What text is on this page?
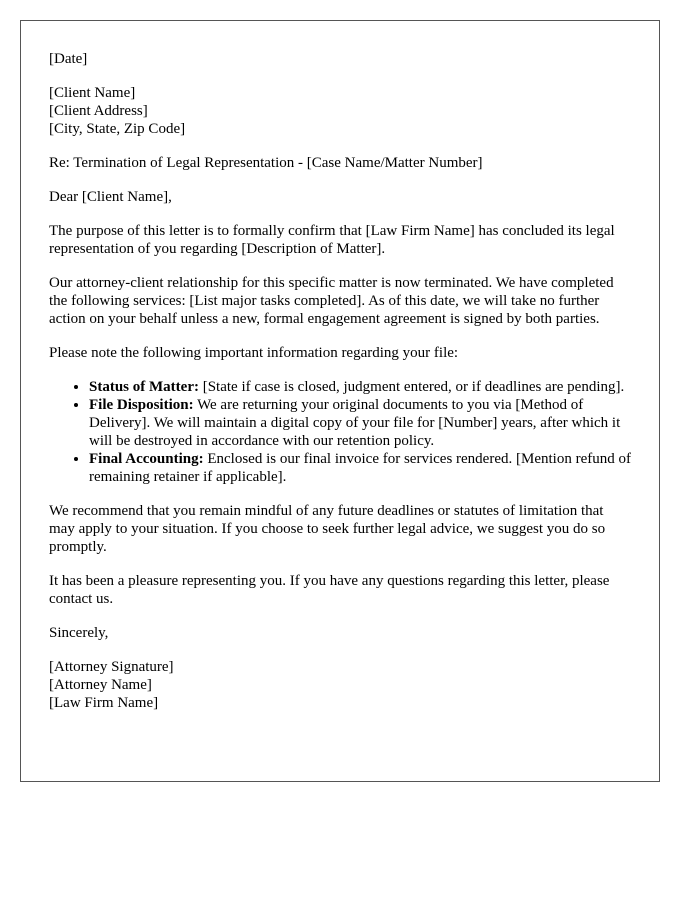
[Date]
[Client Name]
[Client Address]
[City, State, Zip Code]

Re: Termination of Legal Representation - [Case Name/Matter Number]

Dear [Client Name],

The purpose of this letter is to formally confirm that [Law Firm Name] has concluded its legal representation of you regarding [Description of Matter].

Our attorney-client relationship for this specific matter is now terminated. We have completed the following services: [List major tasks completed]. As of this date, we will take no further action on your behalf unless a new, formal engagement agreement is signed by both parties.

Please note the following important information regarding your file:

• Status of Matter: [State if case is closed, judgment entered, or if deadlines are pending].
• File Disposition: We are returning your original documents to you via [Method of Delivery]. We will maintain a digital copy of your file for [Number] years, after which it will be destroyed in accordance with our retention policy.
• Final Accounting: Enclosed is our final invoice for services rendered. [Mention refund of remaining retainer if applicable].

We recommend that you remain mindful of any future deadlines or statutes of limitation that may apply to your situation. If you choose to seek further legal advice, we suggest you do so promptly.

It has been a pleasure representing you. If you have any questions regarding this letter, please contact us.

Sincerely,

[Attorney Signature]
[Attorney Name]
[Law Firm Name]
